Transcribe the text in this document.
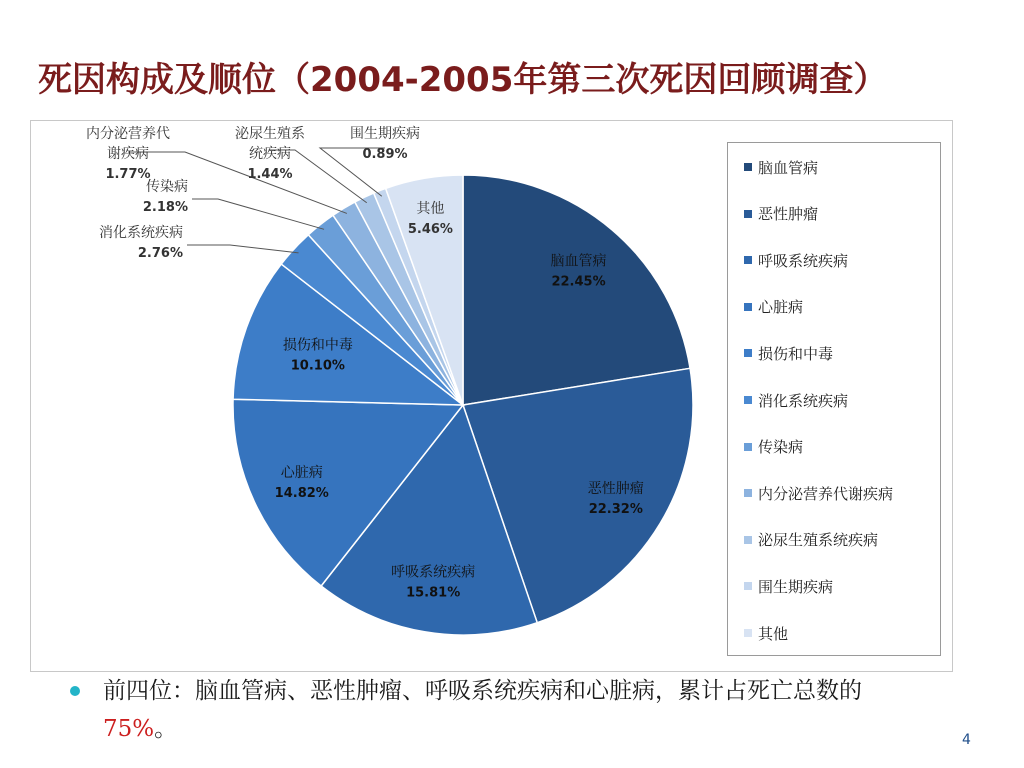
死因构成及顺位（2004-2005年第三次死因回顾调查）
脑血管病
22.45%
恶性肿瘤
22.32%
呼吸系统疾病
15.81%
心脏病
14.82%
损伤和中毒
10.10%
消化系统疾病
2.76%
传染病
2.18%
内分泌营养代
谢疾病
1.77%
泌尿生殖系
统疾病
1.44%
围生期疾病
0.89%
其他
5.46%
脑血管病
恶性肿瘤
呼吸系统疾病
心脏病
损伤和中毒
消化系统疾病
传染病
内分泌营养代谢疾病
泌尿生殖系统疾病
围生期疾病
其他
前四位：脑血管病、恶性肿瘤、呼吸系统疾病和心脏病，累计占死亡总数的75%。	4
